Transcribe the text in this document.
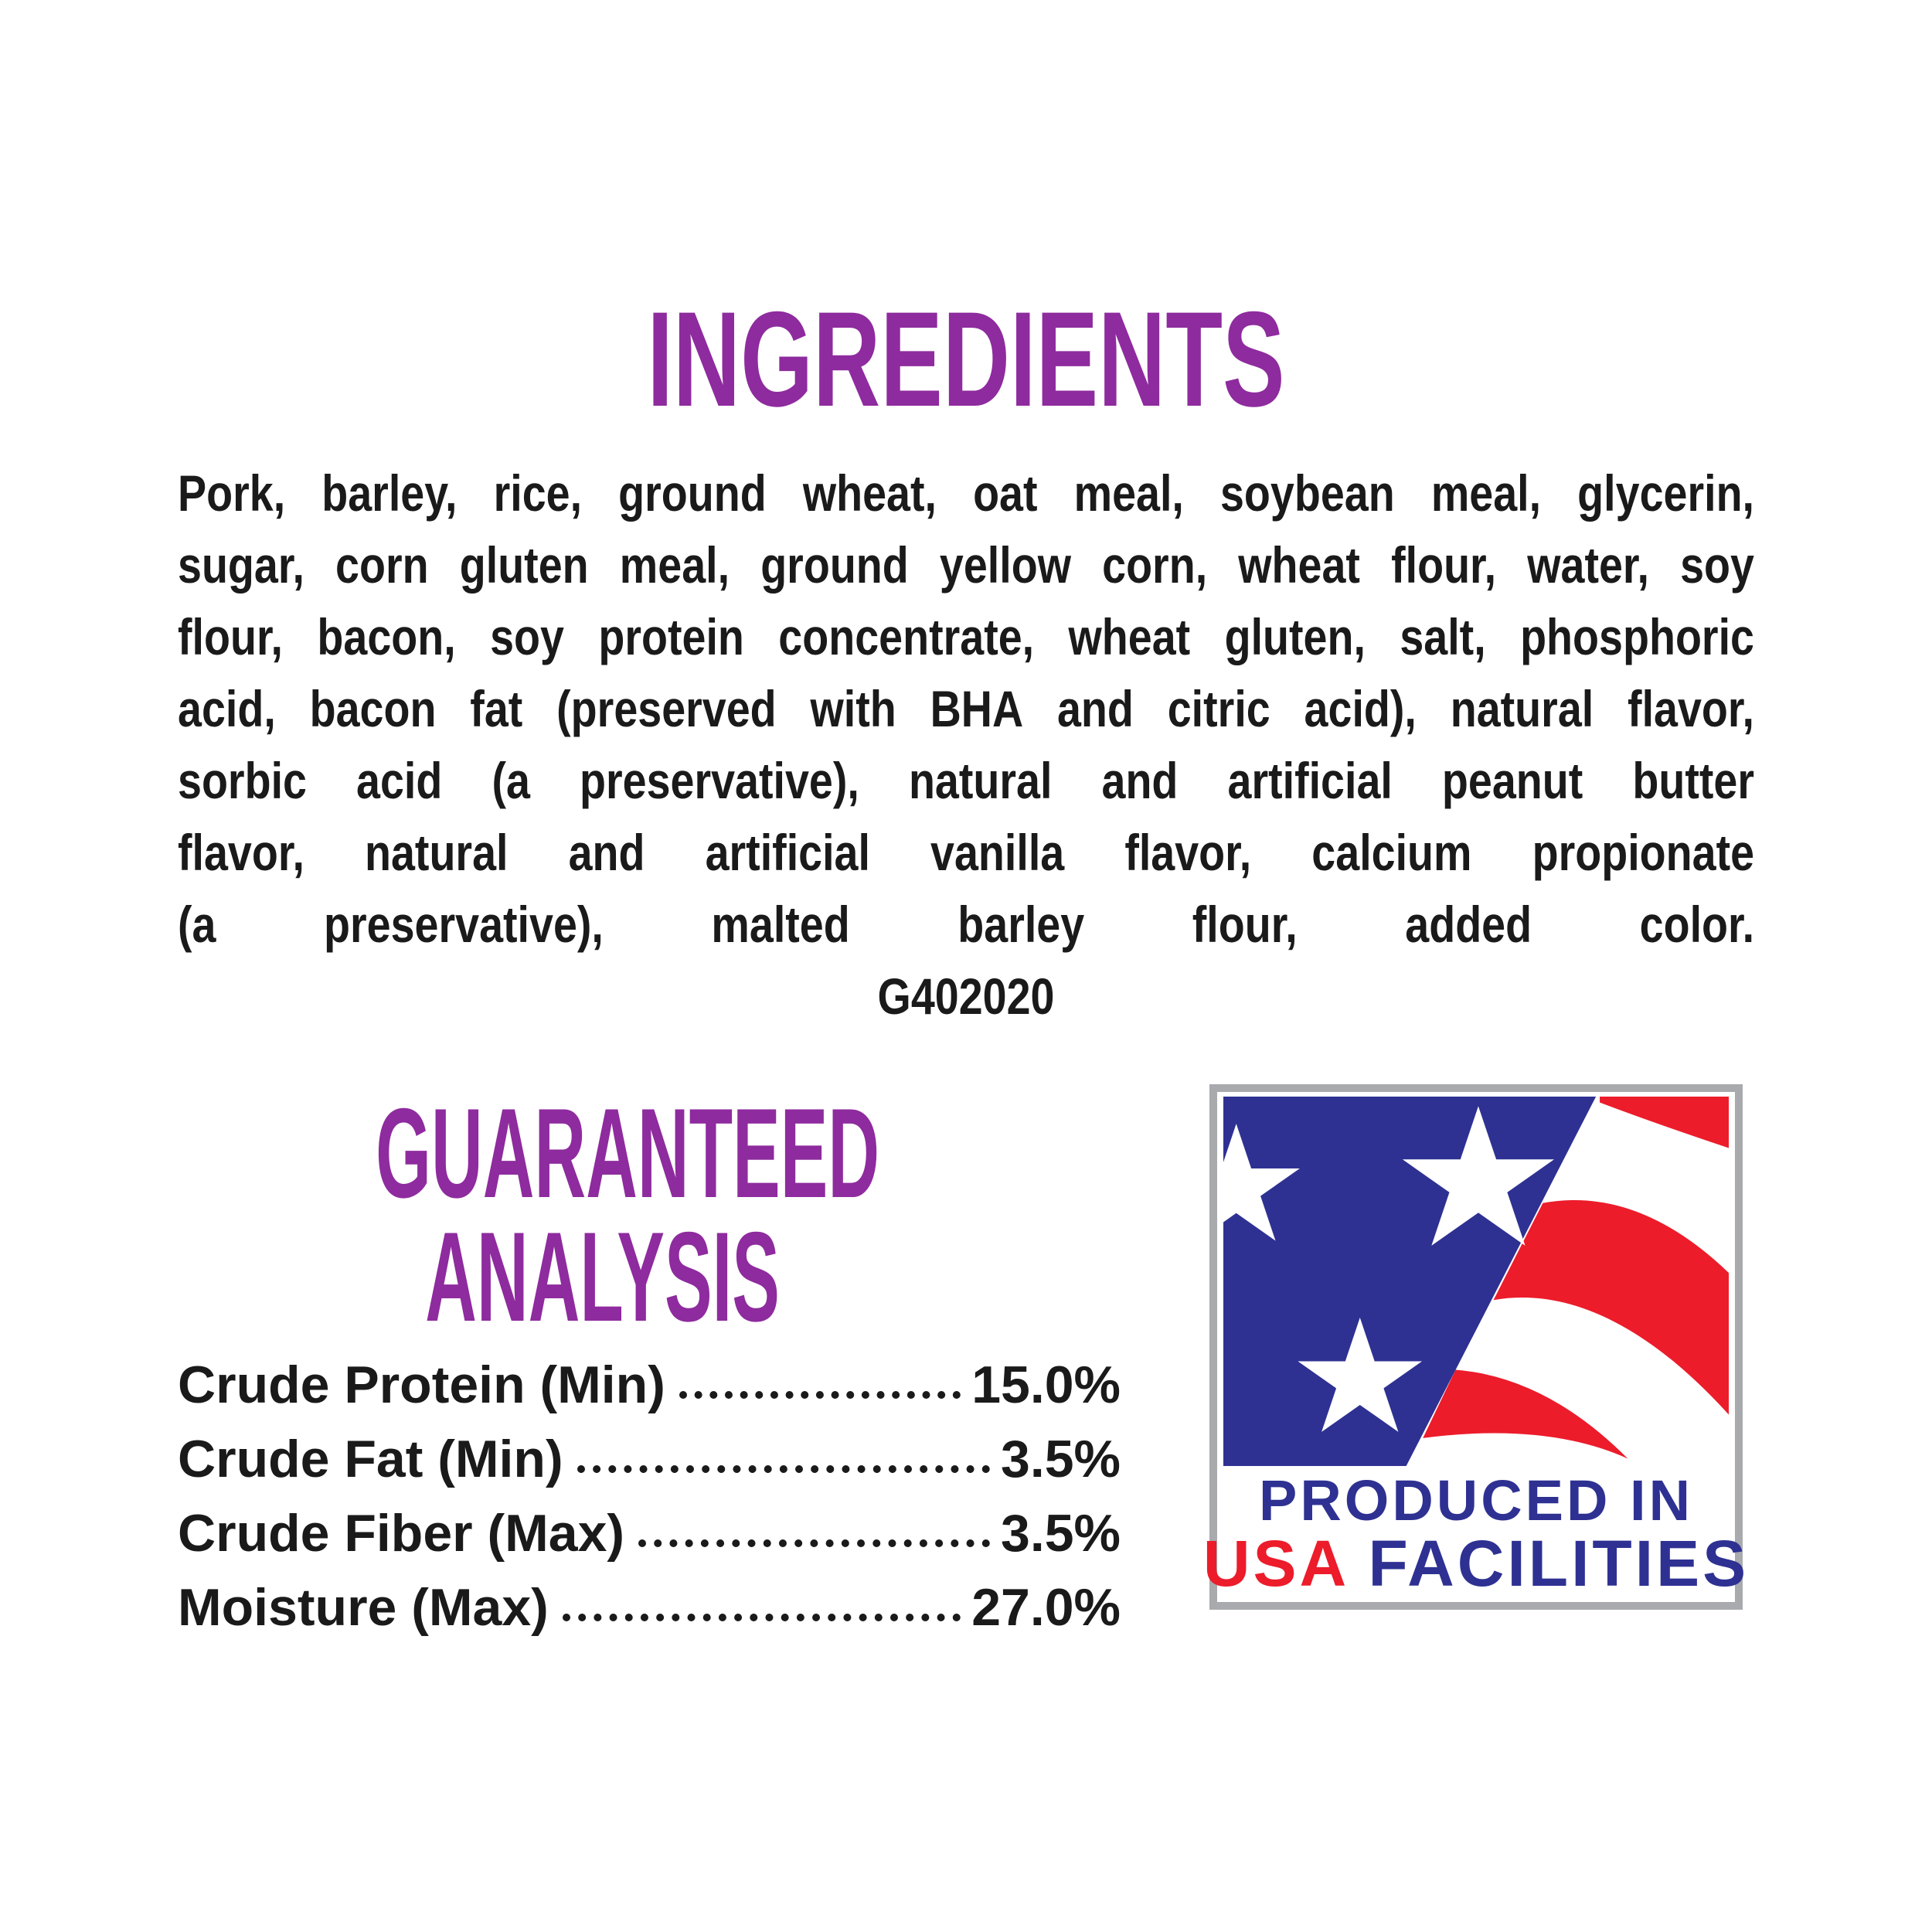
INGREDIENTS
Pork, barley, rice, ground wheat, oat meal, soybean meal, glycerin,
sugar, corn gluten meal, ground yellow corn, wheat flour, water, soy
flour, bacon, soy protein concentrate, wheat gluten, salt, phosphoric
acid, bacon fat (preserved with BHA and citric acid), natural flavor,
sorbic acid (a preservative), natural and artificial peanut butter
flavor, natural and artificial vanilla flavor, calcium propionate
(a preservative), malted barley flour, added color.
G402020
GUARANTEED
ANALYSIS
Crude Protein (Min)	15.0%
Crude Fat (Min)	3.5%
Crude Fiber (Max)	3.5%
Moisture (Max)	27.0%
PRODUCED IN
USA FACILITIES
